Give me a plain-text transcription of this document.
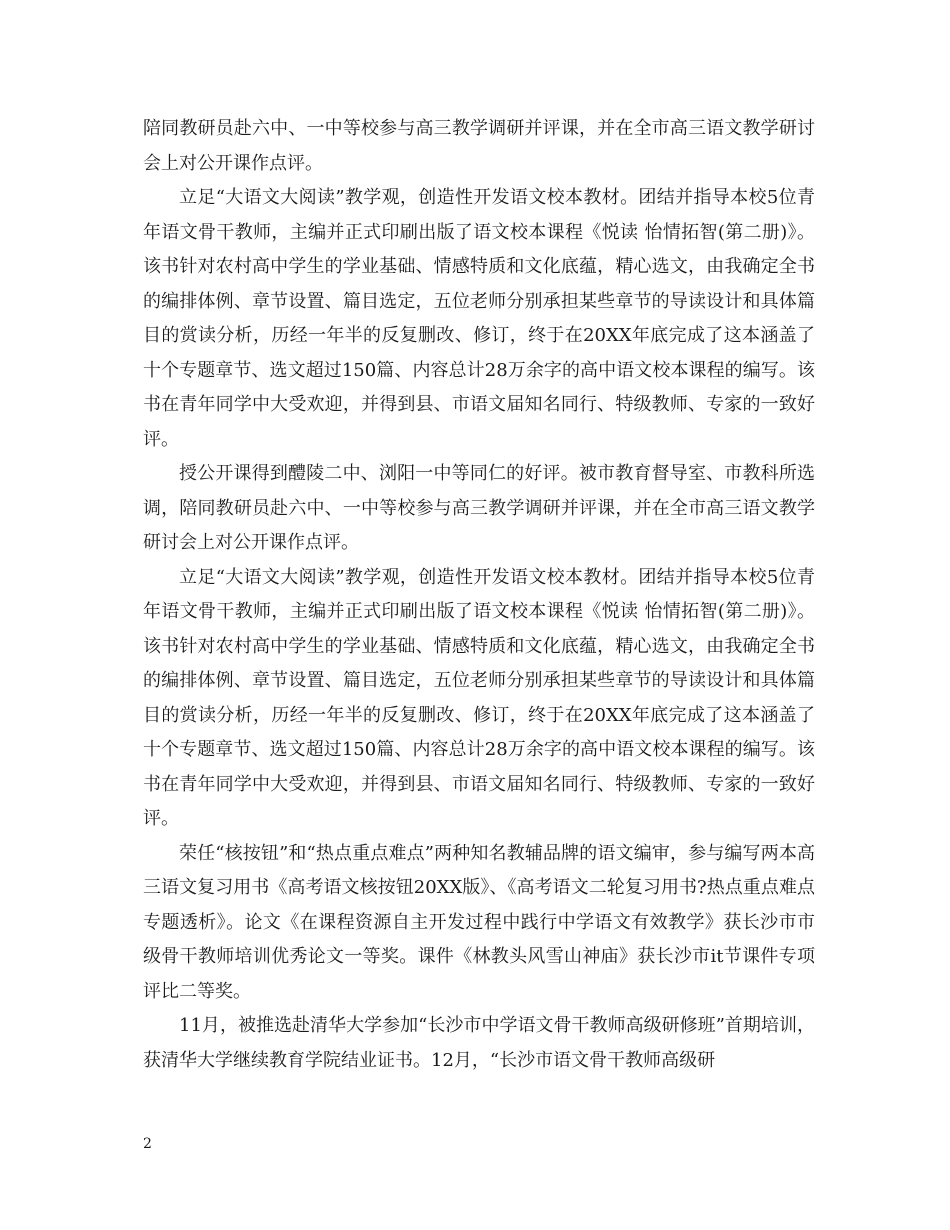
陪同教研员赴六中、一中等校参与高三教学调研并评课，并在全市高三语文教学研讨会上对公开课作点评。

立足“大语文大阅读”教学观，创造性开发语文校本教材。团结并指导本校5位青年语文骨干教师，主编并正式印刷出版了语文校本课程《悦读 怡情拓智(第二册)》。该书针对农村高中学生的学业基础、情感特质和文化底蕴，精心选文，由我确定全书的编排体例、章节设置、篇目选定，五位老师分别承担某些章节的导读设计和具体篇目的赏读分析，历经一年半的反复删改、修订，终于在20XX年底完成了这本涵盖了十个专题章节、选文超过150篇、内容总计28万余字的高中语文校本课程的编写。该书在青年同学中大受欢迎，并得到县、市语文届知名同行、特级教师、专家的一致好评。

授公开课得到醴陵二中、浏阳一中等同仁的好评。被市教育督导室、市教科所选调，陪同教研员赴六中、一中等校参与高三教学调研并评课，并在全市高三语文教学研讨会上对公开课作点评。

立足“大语文大阅读”教学观，创造性开发语文校本教材。团结并指导本校5位青年语文骨干教师，主编并正式印刷出版了语文校本课程《悦读 怡情拓智(第二册)》。该书针对农村高中学生的学业基础、情感特质和文化底蕴，精心选文，由我确定全书的编排体例、章节设置、篇目选定，五位老师分别承担某些章节的导读设计和具体篇目的赏读分析，历经一年半的反复删改、修订，终于在20XX年底完成了这本涵盖了十个专题章节、选文超过150篇、内容总计28万余字的高中语文校本课程的编写。该书在青年同学中大受欢迎，并得到县、市语文届知名同行、特级教师、专家的一致好评。

荣任“核按钮”和“热点重点难点”两种知名教辅品牌的语文编审，参与编写两本高三语文复习用书《高考语文核按钮20XX版》、《高考语文二轮复习用书?热点重点难点专题透析》。论文《在课程资源自主开发过程中践行中学语文有效教学》获长沙市市级骨干教师培训优秀论文一等奖。课件《林教头风雪山神庙》获长沙市it节课件专项评比二等奖。

11月，被推选赴清华大学参加“长沙市中学语文骨干教师高级研修班”首期培训，获清华大学继续教育学院结业证书。12月，“长沙市语文骨干教师高级研

2
